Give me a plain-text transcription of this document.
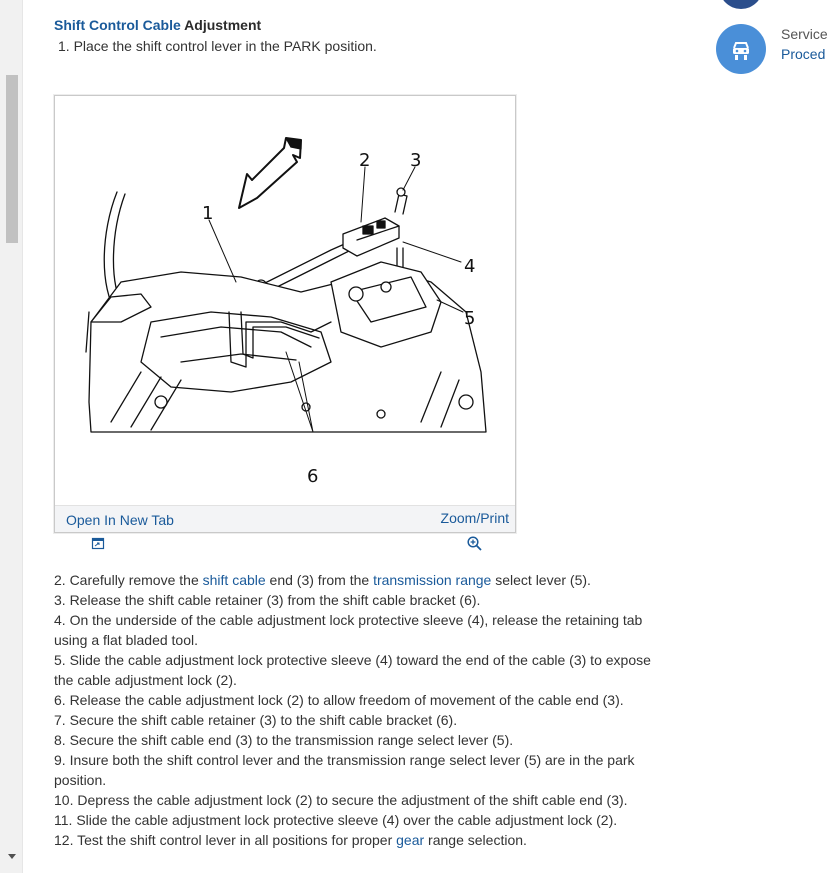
Shift Control Cable Adjustment
1. Place the shift control lever in the PARK position.
1
2 3
4
5
6
Open In New Tab	Zoom/Print

2. Carefully remove the shift cable end (3) from the transmission range select lever (5).

3. Release the shift cable retainer (3) from the shift cable bracket (6).

4. On the underside of the cable adjustment lock protective sleeve (4), release the retaining tab using a flat bladed tool.

5. Slide the cable adjustment lock protective sleeve (4) toward the end of the cable (3) to expose the cable adjustment lock (2).

6. Release the cable adjustment lock (2) to allow freedom of movement of the cable end (3).

7. Secure the shift cable retainer (3) to the shift cable bracket (6).

8. Secure the shift cable end (3) to the transmission range select lever (5).

9. Insure both the shift control lever and the transmission range select lever (5) are in the park position.

10. Depress the cable adjustment lock (2) to secure the adjustment of the shift cable end (3).

11. Slide the cable adjustment lock protective sleeve (4) over the cable adjustment lock (2).

12. Test the shift control lever in all positions for proper gear range selection.

Service
Proced
